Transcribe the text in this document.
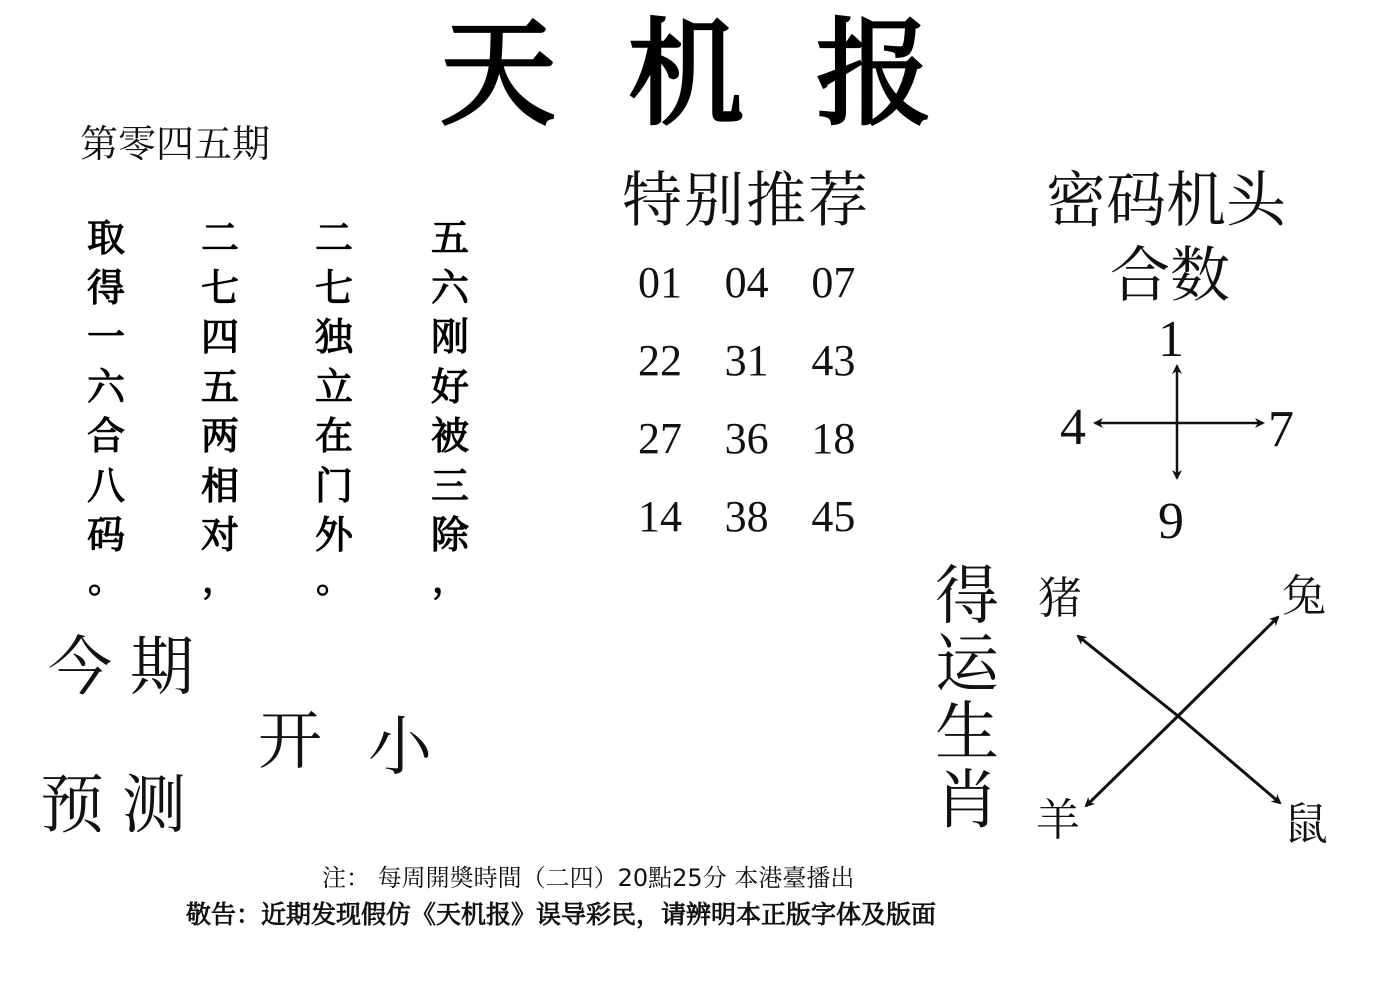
天机报
第零四五期
取
得
一
六
合
八
码
。
二
七
四
五
两
相
对
，
二
七
独
立
在
门
外
。
五
六
刚
好
被
三
除
，
今期
预测
开 小
特别推荐
01 04 07
22 31 43
27 36 18
14 38 45
密码机头
合数
1
4	7
9
得
运
生
肖
猪	兔
羊	鼠
注： 每周開奬時間（二四）20點25分 本港臺播出
敬告：近期发现假仿《天机报》误导彩民，请辨明本正版字体及版面
